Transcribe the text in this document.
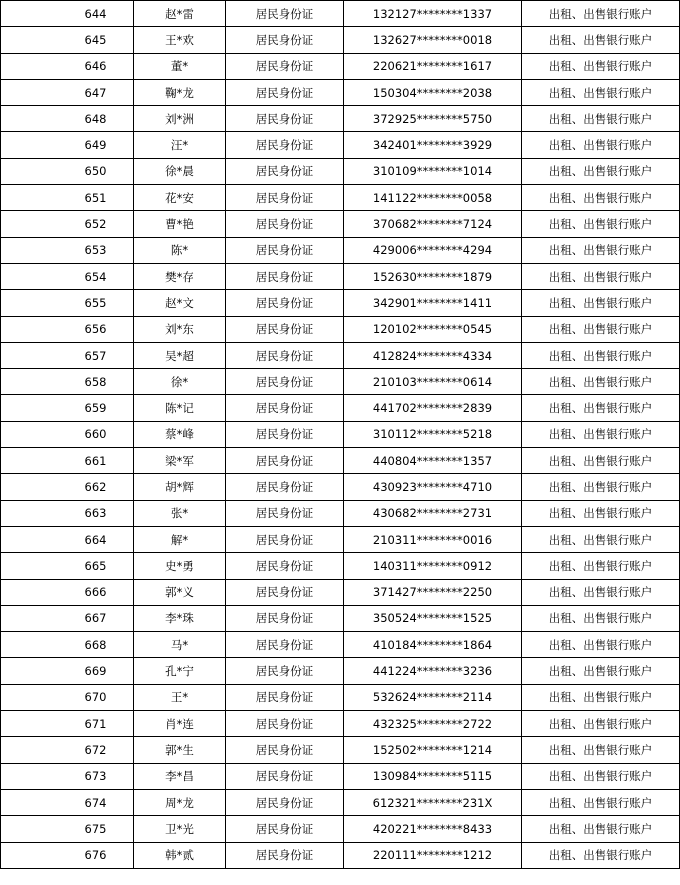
644	赵*雷	居民身份证	132127********1337	出租、出售银行账户
645	王*欢	居民身份证	132627********0018	出租、出售银行账户
646	董*	居民身份证	220621********1617	出租、出售银行账户
647	鞠*龙	居民身份证	150304********2038	出租、出售银行账户
648	刘*洲	居民身份证	372925********5750	出租、出售银行账户
649	汪*	居民身份证	342401********3929	出租、出售银行账户
650	徐*晨	居民身份证	310109********1014	出租、出售银行账户
651	花*安	居民身份证	141122********0058	出租、出售银行账户
652	曹*艳	居民身份证	370682********7124	出租、出售银行账户
653	陈*	居民身份证	429006********4294	出租、出售银行账户
654	樊*存	居民身份证	152630********1879	出租、出售银行账户
655	赵*文	居民身份证	342901********1411	出租、出售银行账户
656	刘*东	居民身份证	120102********0545	出租、出售银行账户
657	吴*超	居民身份证	412824********4334	出租、出售银行账户
658	徐*	居民身份证	210103********0614	出租、出售银行账户
659	陈*记	居民身份证	441702********2839	出租、出售银行账户
660	蔡*峰	居民身份证	310112********5218	出租、出售银行账户
661	梁*军	居民身份证	440804********1357	出租、出售银行账户
662	胡*辉	居民身份证	430923********4710	出租、出售银行账户
663	张*	居民身份证	430682********2731	出租、出售银行账户
664	解*	居民身份证	210311********0016	出租、出售银行账户
665	史*勇	居民身份证	140311********0912	出租、出售银行账户
666	郭*义	居民身份证	371427********2250	出租、出售银行账户
667	李*珠	居民身份证	350524********1525	出租、出售银行账户
668	马*	居民身份证	410184********1864	出租、出售银行账户
669	孔*宁	居民身份证	441224********3236	出租、出售银行账户
670	王*	居民身份证	532624********2114	出租、出售银行账户
671	肖*连	居民身份证	432325********2722	出租、出售银行账户
672	郭*生	居民身份证	152502********1214	出租、出售银行账户
673	李*昌	居民身份证	130984********5115	出租、出售银行账户
674	周*龙	居民身份证	612321********231X	出租、出售银行账户
675	卫*光	居民身份证	420221********8433	出租、出售银行账户
676	韩*贰	居民身份证	220111********1212	出租、出售银行账户
